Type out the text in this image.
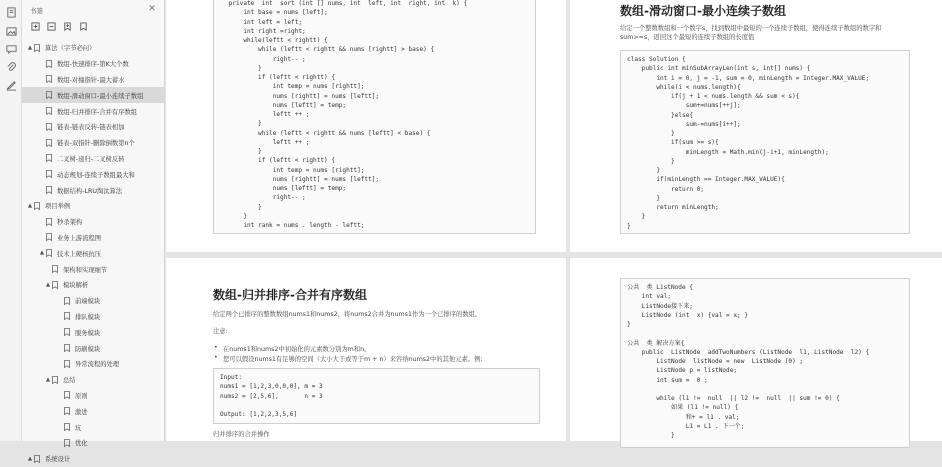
书签	✕
▲	算法（字节必问）
数组-快速排序-第K大个数
数组-对撞指针-最大蓄水
数组-滑动窗口-最小连续子数组
数组-归并排序-合并有序数组
链表-链表反转-链表相加
链表-双指针-删除倒数第n个
二叉树-递归-二叉树反转
动态规划-连续子数组最大和
数据结构-LRU淘汰算法
▲	项目举例
秒杀架构
业务上游流程图
▲	技术上硬核抗压
架构和实现细节
▲	模块解析
前端模块
排队模块
服务模块
防刷模块
异常流程的处理
▲	总结
原则
激进
坑
优化
▲	系统设计
private  int  sort (int [] nums, int  left, int  right, int  k) {
int base = nums [left];
int left = left;
int right =right;
while(leftt < rightt) {
while (leftt < rightt && nums [rightt] > base) {
right-- ;
}
if (leftt < rightt) {
int temp = nums [rightt];
nums [rightt] = nums [leftt];
nums [leftt] = temp;
leftt ++ ;
}
while (leftt < rightt && nums [leftt] < base) {
leftt ++ ;
}
if (leftt < rightt) {
int temp = nums [rightt];
nums [rightt] = nums [leftt];
nums [leftt] = temp;
right-- ;
}
}
int rank = nums . length - leftt;
数组-滑动窗口-最小连续子数组
给定一个整数数组和一个数字s，找到数组中最短的一个连续子数组，使得连续子数组的数字和
sum>=s，返回这个最短的连续子数组的长度值
class Solution {
public int minSubArrayLen(int s, int[] nums) {
int i = 0, j = -1, sum = 0, minLength = Integer.MAX_VALUE;
while(i < nums.length){
if(j + 1 < nums.length && sum < s){
sum+=nums[++j];
}else{
sum-=nums[i++];
}
if(sum >= s){
minLength = Math.min(j-i+1, minLength);
}
}
if(minLength == Integer.MAX_VALUE){
return 0;
}
return minLength;
}
}
数组-归并排序-合并有序数组
给定两个已排序的整数数组nums1和nums2，将nums2合并为nums1作为一个已排序的数组。
注意:
• 在nums1和nums2中初始化的元素数分别为m和n。
• 您可以假设nums1有足够的空间（大小大于或等于m + n）来容纳nums2中的其他元素。例:
Input:
nums1 = [1,2,3,0,0,0], m = 3
nums2 = [2,5,6],       n = 3
Output: [1,2,2,3,5,6]
归并排序的合并操作
公共  类 ListNode {
int val;
ListNode接下来;
ListNode (int  x) {val = x; }
}
公共  类 解决方案{
public  ListNode  addTwoNumbers (ListNode  l1, ListNode  l2) {
ListNode  listNode = new  ListNode (0) ;
ListNode p = listNode;
int sum =  0 ;
while (l1 !=  null  || l2 !=  null  || sum != 0) {
如果 (l1 != null) {
和+ = l1 . val;
L1 = L1 . 下一个;
}
